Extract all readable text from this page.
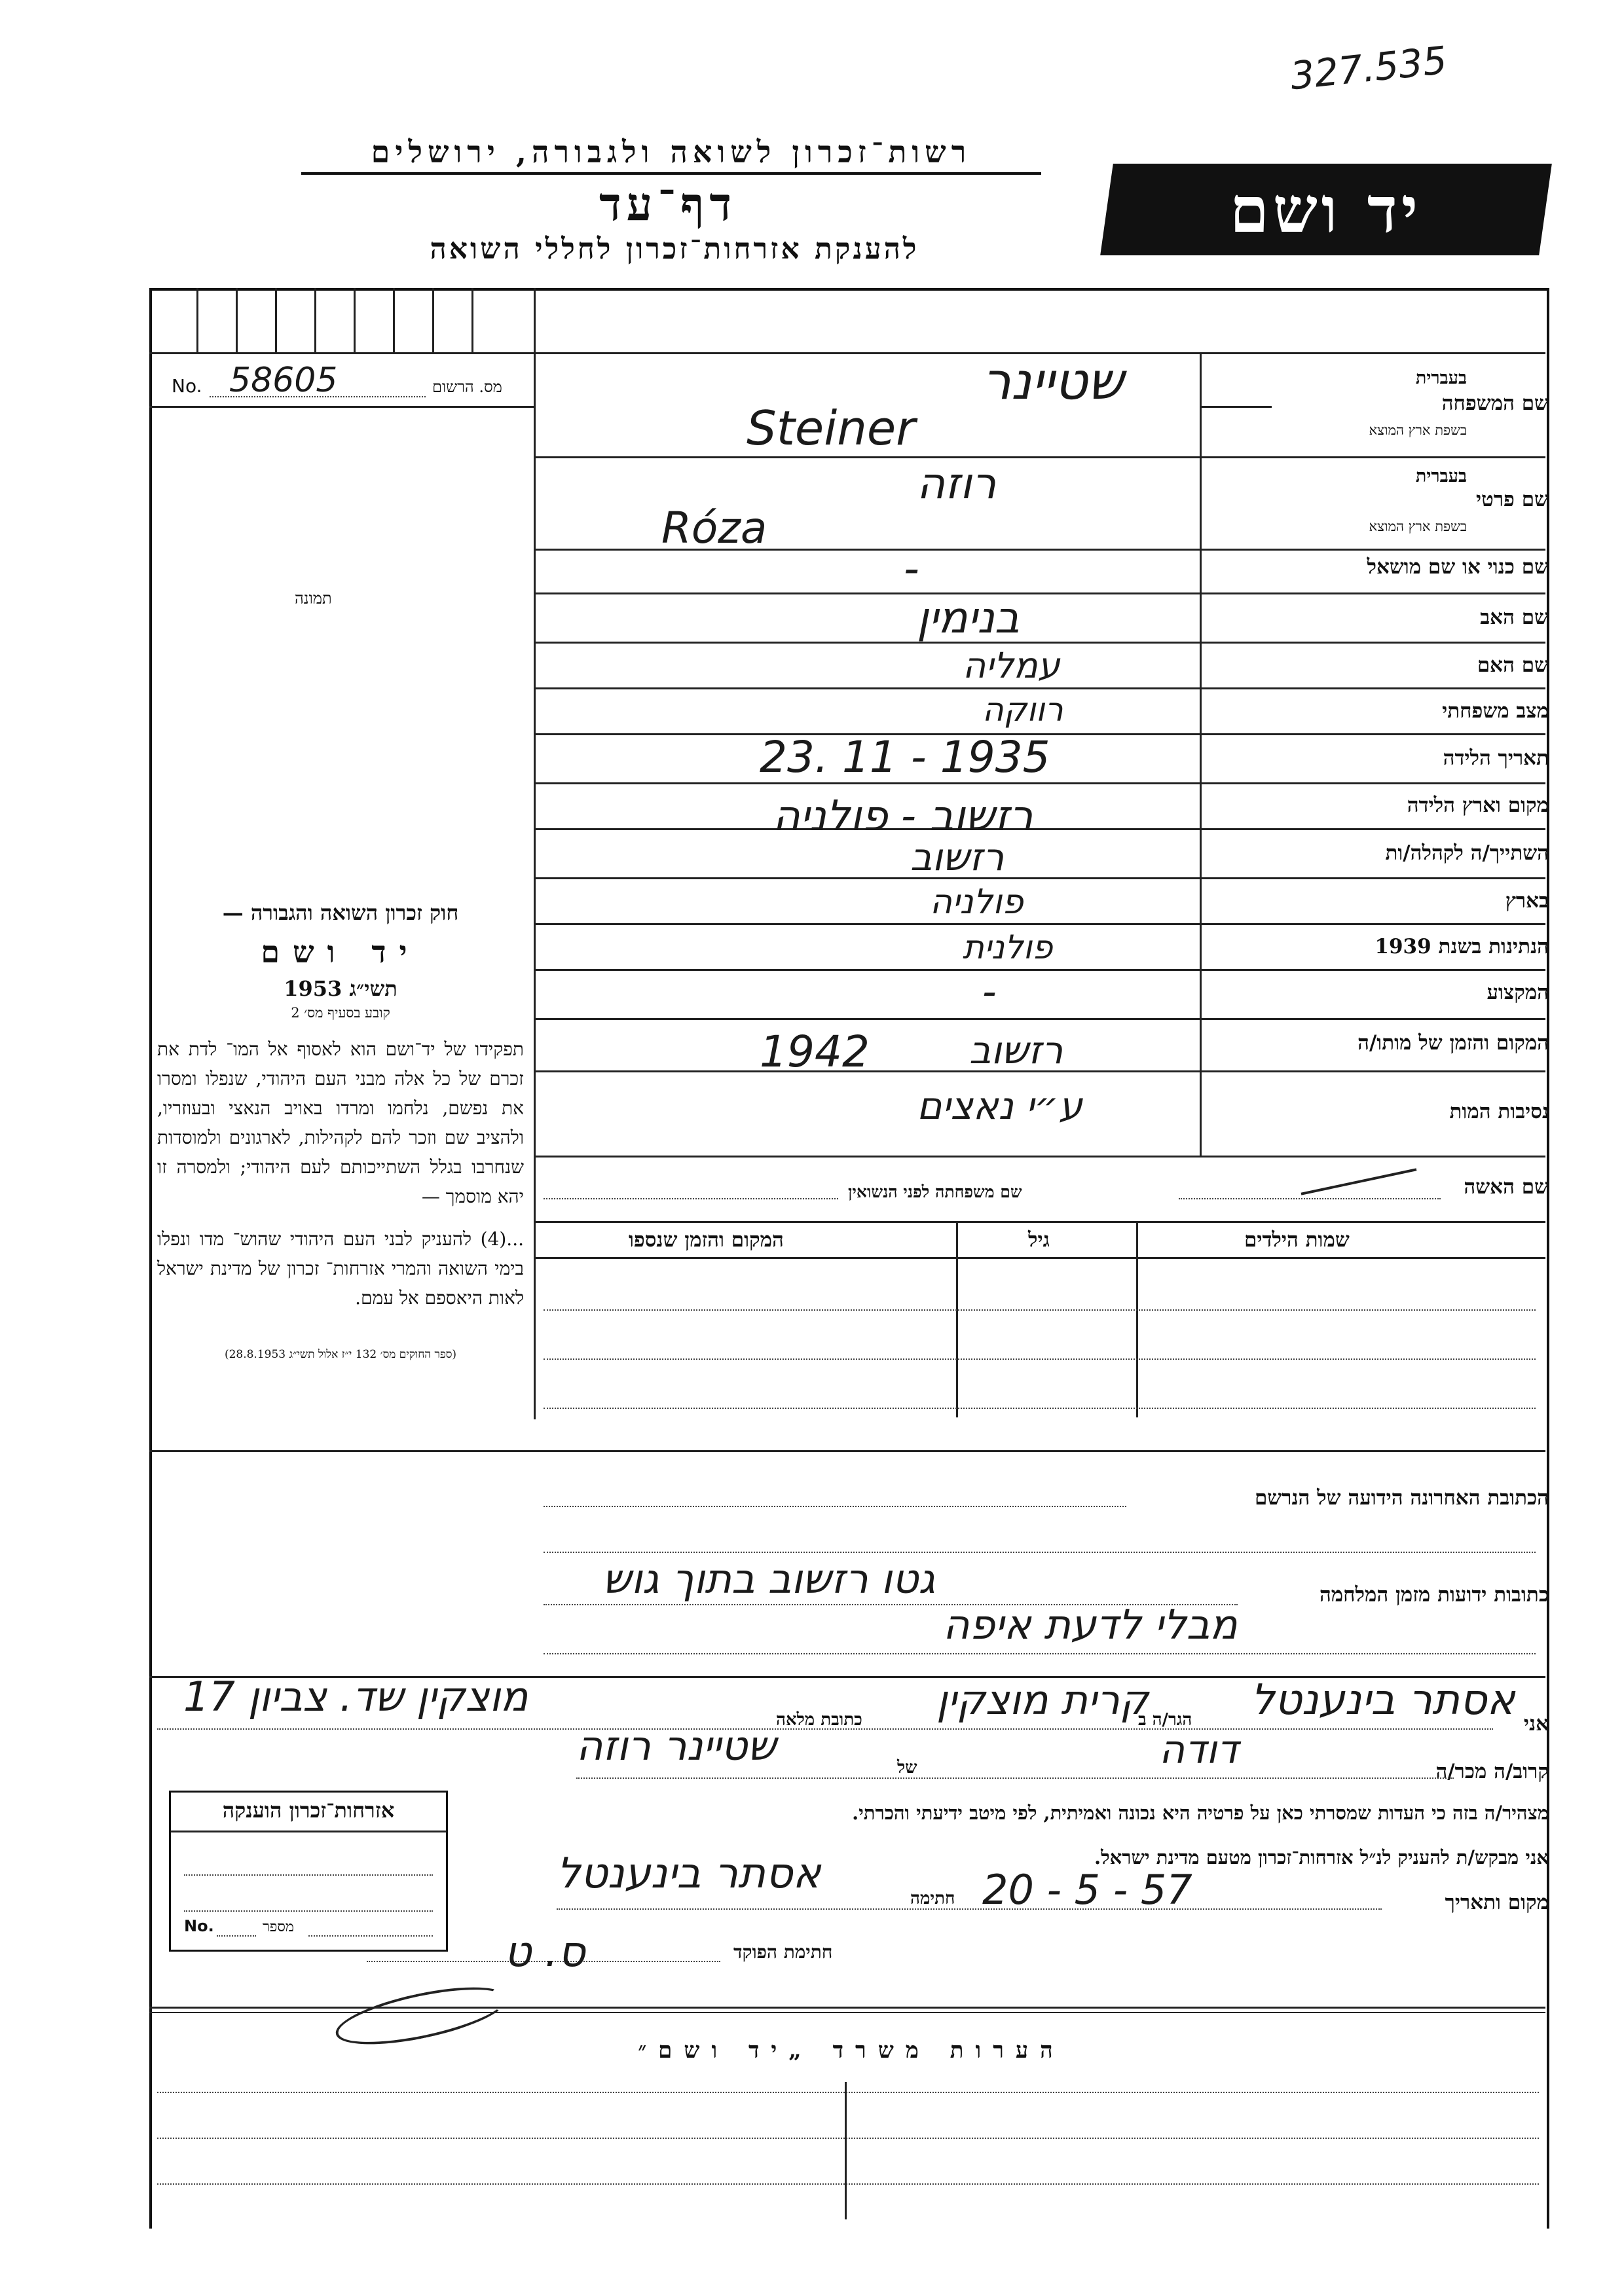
327.535
רשות־זכרון לשואה ולגבורה, ירושלים
דף־עד
להענקת אזרחות־זכרון לחללי השואה
יד ושם
No. 58605	מס. הרשום
תמונה
חוק זכרון השואה והגבורה —
יד ושם
תשי״ג 1953
קובע בסעיף מס׳ 2
תפקידו של יד־ושם הוא לאסוף אל המו־ לדת את זכרם של כל אלה מבני העם היהודי, שנפלו ומסרו את נפשם, נלחמו ומרדו באויב הנאצי ובעוזריו, ולהציב שם וזכר להם לקהילות, לארגונים ולמוסדות שנחרבו בגלל השתייכותם לעם היהודי; ולמסרה זו יהא מוסמך —
...(4) להעניק לבני העם היהודי שהוש־ מדו ונפלו בימי השואה והמרי אזרחות־ זכרון של מדינת ישראל לאות היאספם אל עמם.
(ספר החוקים מס׳ 132 י״ז אלול תשי״ג 28.8.1953)
שם המשפחה
בעברית
בשפת ארץ המוצא
שטיינר
Steiner
שם פרטי
בעברית
בשפת ארץ המוצא
רוזה
Róza
שם כנוי או שם מושאל
-
שם האב
בנימין
שם האם
עמליה
מצב משפחתי
רווקה
תאריך הלידה
23. 11 - 1935
מקום וארץ הלידה
רזשוב - פולניה
השתייך/ה לקהלה/ות
רזשוב
בארץ
פולניה
הנתינות בשנת 1939
פולנית
המקצוע
-
המקום והזמן של מותו/ה
רזשוב
1942
נסיבות המות
ע״י נאצים
שם האשה
שם משפחתה לפני הנשואין
שמות הילדים
גיל
המקום והזמן שנספו
הכתובת האחרונה הידועה של הנרשם
כתובות ידועות מזמן המלחמה
גטו רזשוב בתוך גוש
מבלי לדעת איפה
אני
אסתר בינענטל
הגר/ה ב
קרית מוצקין
כתובת מלאה
מוצקין שד. צביון 17
קרוב/ה מכר/ה
דודה
של
שטיינר רוזה
מצהיר/ה בזה כי העדות שמסרתי כאן על פרטיה היא נכונה ואמיתית, לפי מיטב ידיעתי והכרתי.
אני מבקש/ת להעניק לנ״ל אזרחות־זכרון מטעם מדינת ישראל.
מקום ותאריך
20 - 5 - 57
חתימה
אסתר בינענטל
חתימת הפוקד
ס. ט
אזרחות־זכרון הוענקה
No.	מספר
הערות משרד „יד ושם״
